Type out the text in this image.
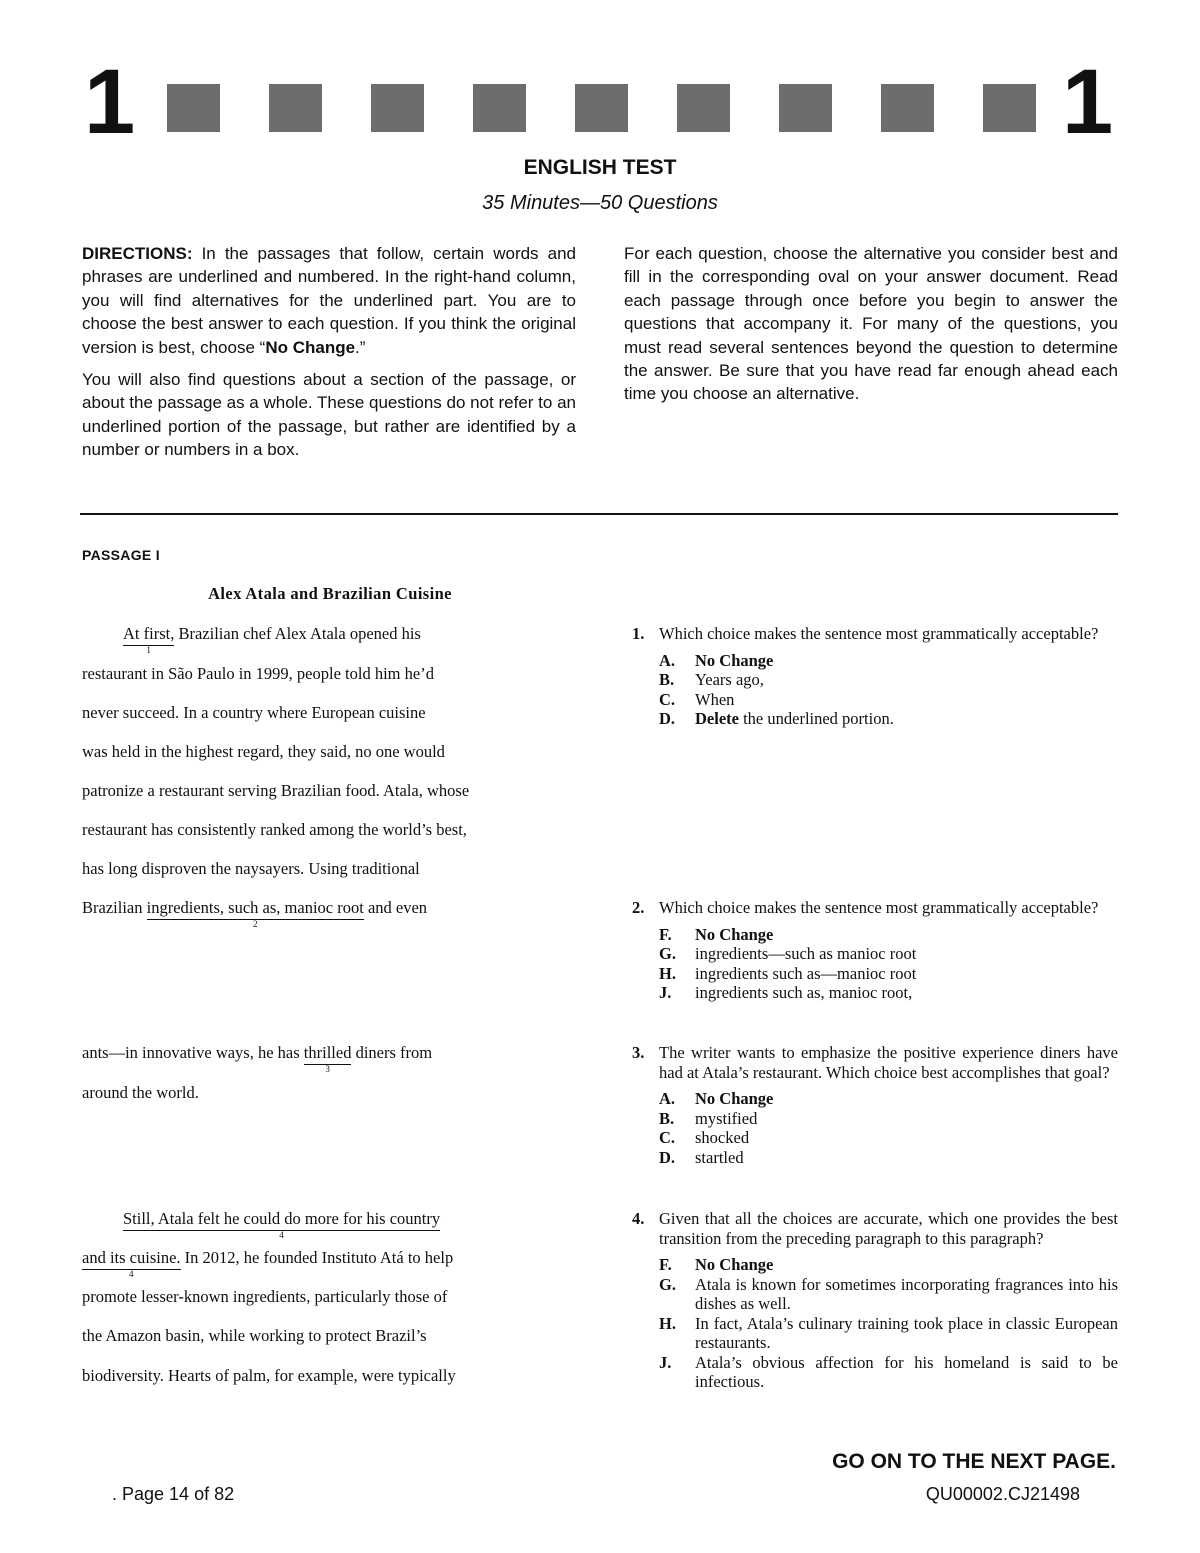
1	1
ENGLISH TEST
35 Minutes—50 Questions

DIRECTIONS: In the passages that follow, certain words and phrases are underlined and numbered. In the right-hand column, you will find alternatives for the underlined part. You are to choose the best answer to each question. If you think the original version is best, choose “No Change.”

You will also find questions about a section of the passage, or about the passage as a whole. These questions do not refer to an underlined portion of the passage, but rather are identified by a number or numbers in a box.

For each question, choose the alternative you consider best and fill in the corresponding oval on your answer document. Read each passage through once before you begin to answer the questions that accompany it. For many of the questions, you must read several sentences beyond the question to determine the answer. Be sure that you have read far enough ahead each time you choose an alternative.

PASSAGE I
Alex Atala and Brazilian Cuisine
At first,
1
Brazilian chef Alex Atala opened his
restaurant in São Paulo in 1999, people told him he’d
never succeed. In a country where European cuisine
was held in the highest regard, they said, no one would
patronize a restaurant serving Brazilian food. Atala, whose
restaurant has consistently ranked among the world’s best,
has long disproven the naysayers. Using traditional
Brazilian ingredients, such as, manioc root
2
and even
ants—in innovative ways, he has thrilled
3
diners from
around the world.
Still, Atala felt he could do more for his country
4
and its cuisine.
4
In 2012, he founded Instituto Atá to help
promote lesser-known ingredients, particularly those of
the Amazon basin, while working to protect Brazil’s
biodiversity. Hearts of palm, for example, were typically
1. Which choice makes the sentence most grammatically acceptable?
A.	No Change
B.	Years ago,
C.	When
D.	Delete the underlined portion.
2. Which choice makes the sentence most grammatically acceptable?
F.	No Change
G.	ingredients—such as manioc root
H.	ingredients such as—manioc root
J.	ingredients such as, manioc root,
3. The writer wants to emphasize the positive experience diners have had at Atala’s restaurant. Which choice best accomplishes that goal?
A.	No Change
B.	mystified
C.	shocked
D.	startled
4. Given that all the choices are accurate, which one provides the best transition from the preceding paragraph to this paragraph?
F.	No Change
G.	Atala is known for sometimes incorporating fragrances into his dishes as well.
H.	In fact, Atala’s culinary training took place in classic European restaurants.
J.	Atala’s obvious affection for his homeland is said to be infectious.
GO ON TO THE NEXT PAGE.
. Page 14 of 82	QU00002.CJ21498
